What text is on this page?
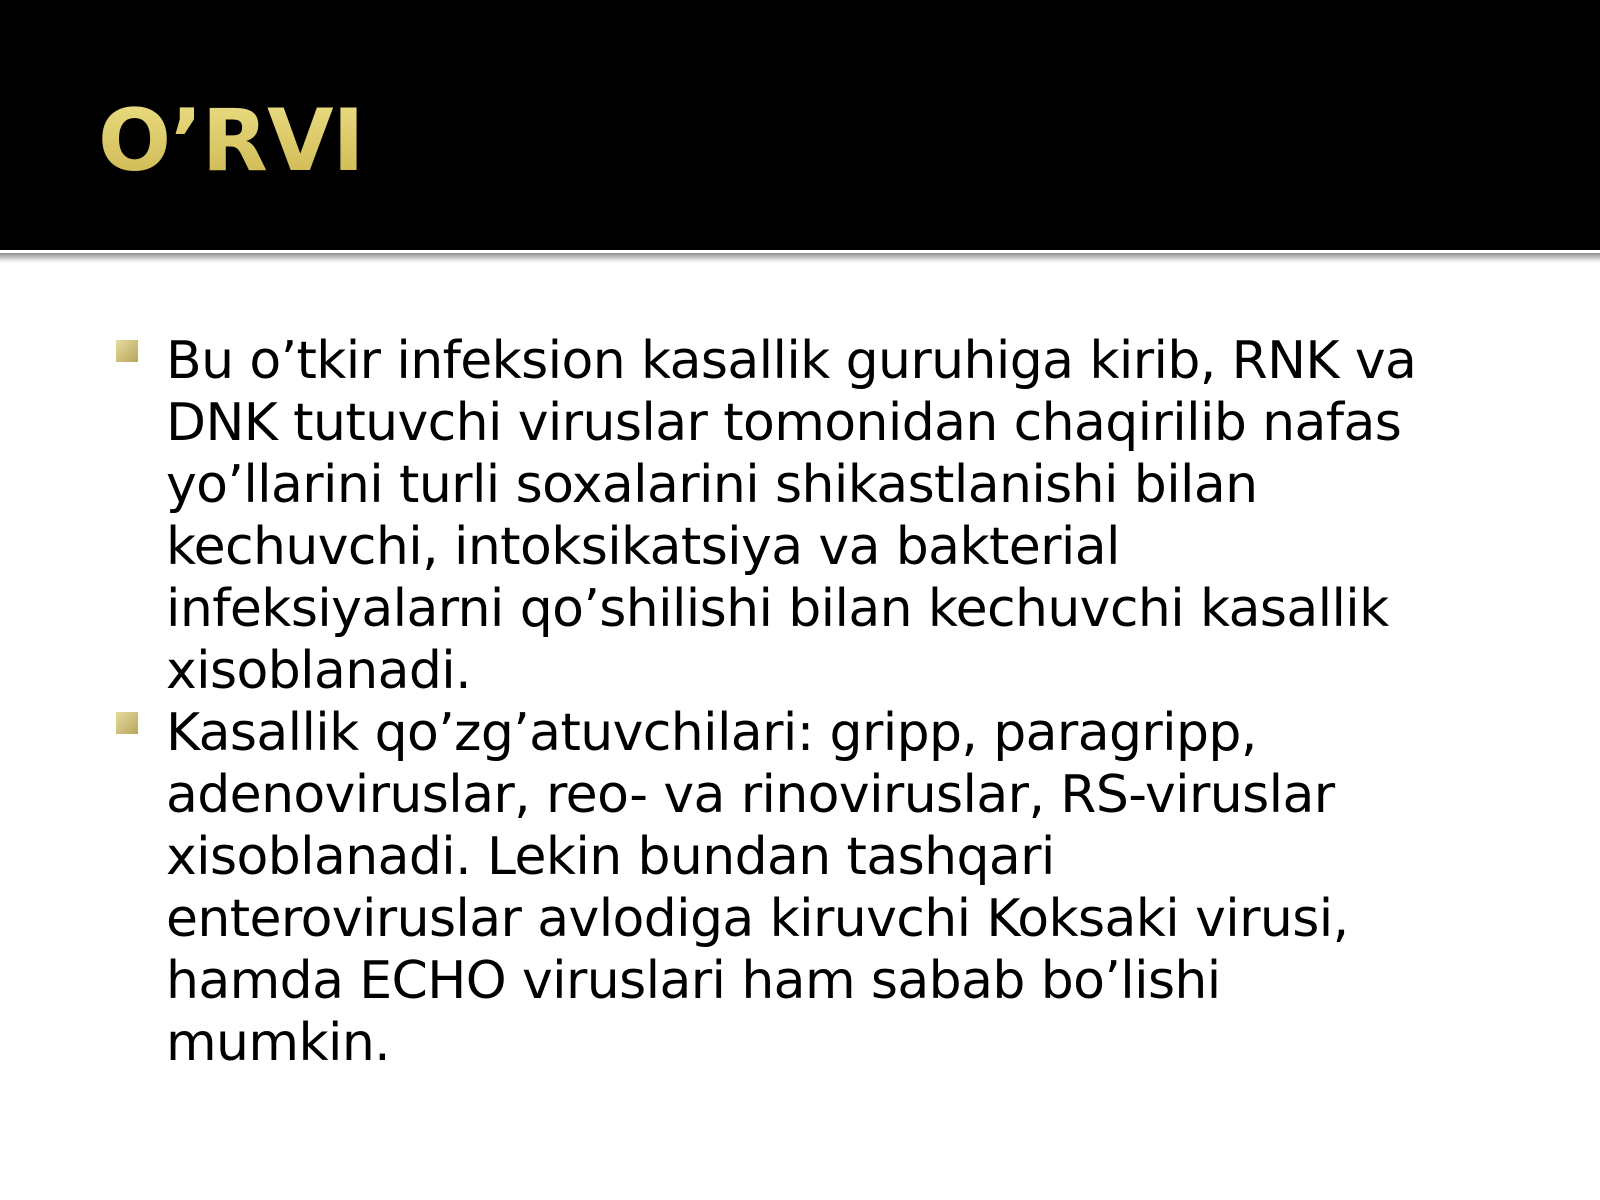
O’RVI
Bu o’tkir infeksion kasallik guruhiga kirib, RNK va
DNK tutuvchi viruslar tomonidan chaqirilib nafas
yo’llarini turli soxalarini shikastlanishi bilan
kechuvchi, intoksikatsiya va bakterial
infeksiyalarni qo’shilishi bilan kechuvchi kasallik
xisoblanadi.
Kasallik qo’zg’atuvchilari: gripp, paragripp,
adenoviruslar, reo- va rinoviruslar, RS-viruslar
xisoblanadi. Lekin bundan tashqari
enteroviruslar avlodiga kiruvchi Koksaki virusi,
hamda ECHO viruslari ham sabab bo’lishi
mumkin.
